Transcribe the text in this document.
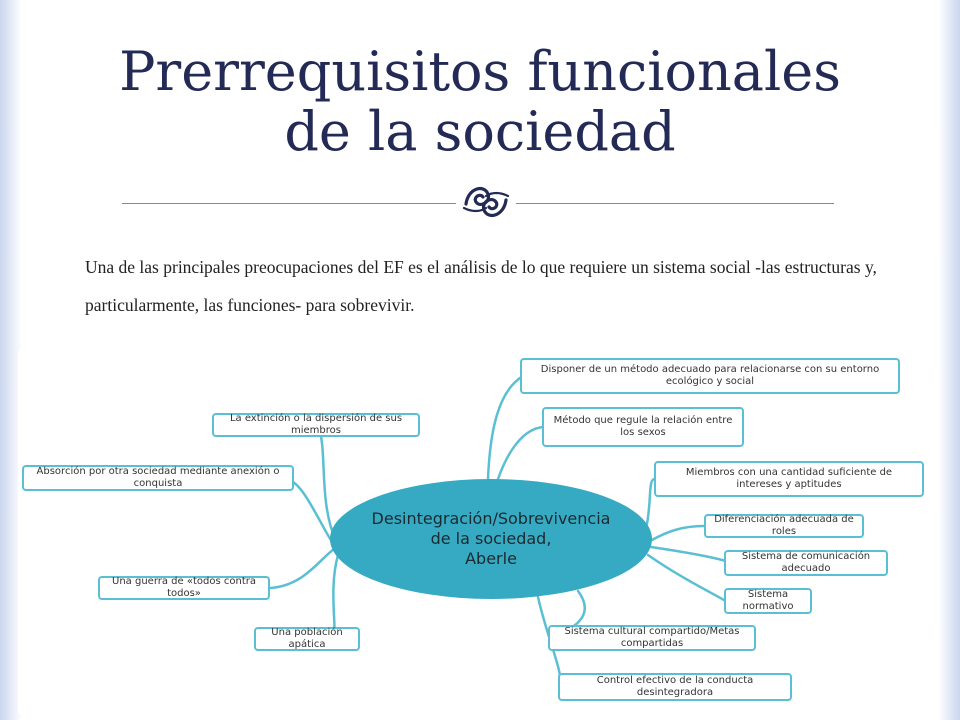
Prerrequisitos funcionales
de la sociedad
Una de las principales preocupaciones del EF es el análisis de lo que requiere un sistema social -las estructuras y, particularmente, las funciones- para sobrevivir.
Desintegración/Sobrevivencia
de la sociedad,
Aberle
La extinción o la dispersión de sus miembros
Absorción por otra sociedad mediante anexión o conquista
Una guerra de «todos contra todos»
Una población apática
Disponer de un método adecuado para relacionarse con su entorno ecológico y social
Método que regule la relación entre los sexos
Miembros con una cantidad suficiente de intereses y aptitudes
Diferenciación adecuada de roles
Sistema de comunicación adecuado
Sistema normativo
Sistema cultural compartido/Metas compartidas
Control efectivo de la conducta desintegradora
